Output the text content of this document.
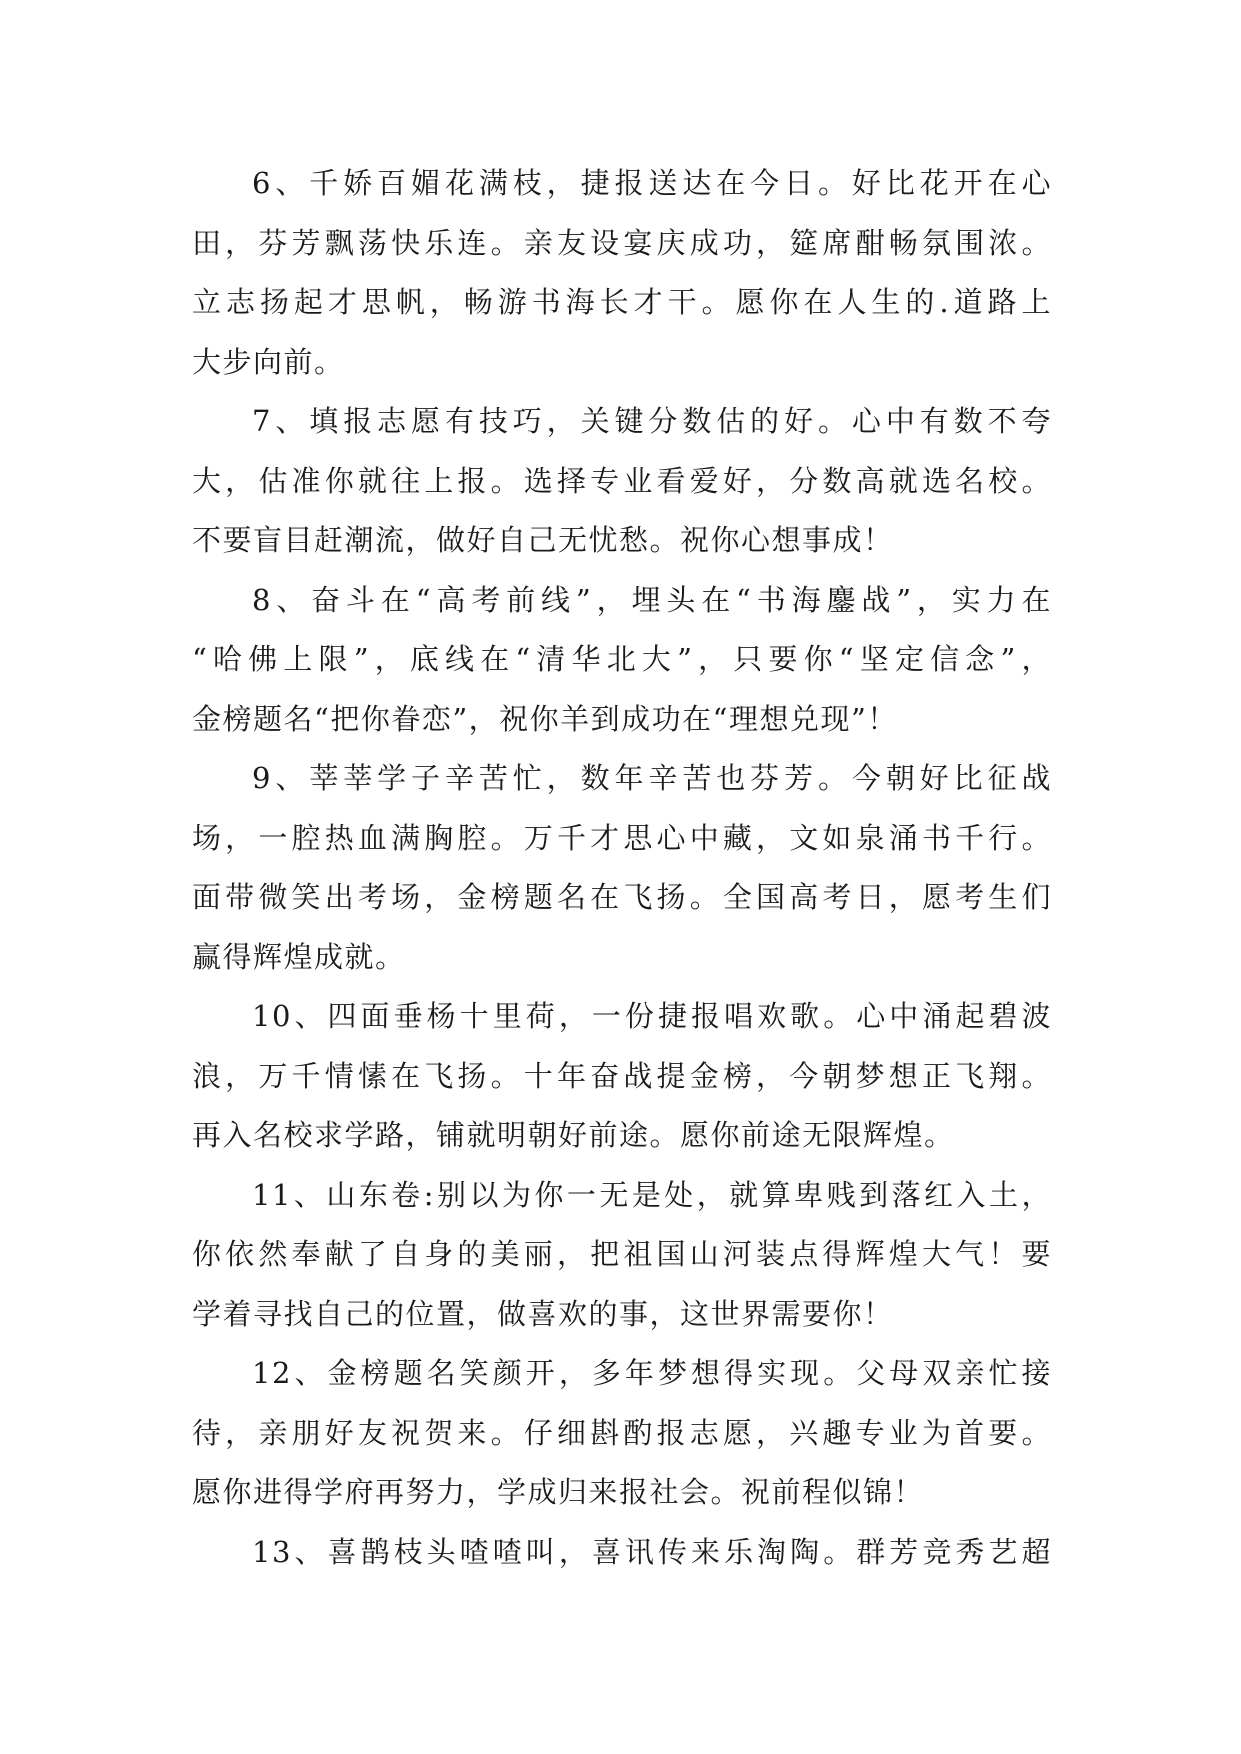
6、千娇百媚花满枝，捷报送达在今日。好比花开在心
田，芬芳飘荡快乐连。亲友设宴庆成功，筵席酣畅氛围浓。
立志扬起才思帆，畅游书海长才干。愿你在人生的.道路上
大步向前。
7、填报志愿有技巧，关键分数估的好。心中有数不夸
大，估准你就往上报。选择专业看爱好，分数高就选名校。
不要盲目赶潮流，做好自己无忧愁。祝你心想事成！
8、奋斗在“高考前线”，埋头在“书海鏖战”，实力在
“哈佛上限”，底线在“清华北大”，只要你“坚定信念”，
金榜题名“把你眷恋”，祝你羊到成功在“理想兑现”！
9、莘莘学子辛苦忙，数年辛苦也芬芳。今朝好比征战
场，一腔热血满胸腔。万千才思心中藏，文如泉涌书千行。
面带微笑出考场，金榜题名在飞扬。全国高考日，愿考生们
赢得辉煌成就。
10、四面垂杨十里荷，一份捷报唱欢歌。心中涌起碧波
浪，万千情愫在飞扬。十年奋战提金榜，今朝梦想正飞翔。
再入名校求学路，铺就明朝好前途。愿你前途无限辉煌。
11、山东卷:别以为你一无是处，就算卑贱到落红入土，
你依然奉献了自身的美丽，把祖国山河装点得辉煌大气！要
学着寻找自己的位置，做喜欢的事，这世界需要你！
12、金榜题名笑颜开，多年梦想得实现。父母双亲忙接
待，亲朋好友祝贺来。仔细斟酌报志愿，兴趣专业为首要。
愿你进得学府再努力，学成归来报社会。祝前程似锦！
13、喜鹊枝头喳喳叫，喜讯传来乐淘陶。群芳竞秀艺超
